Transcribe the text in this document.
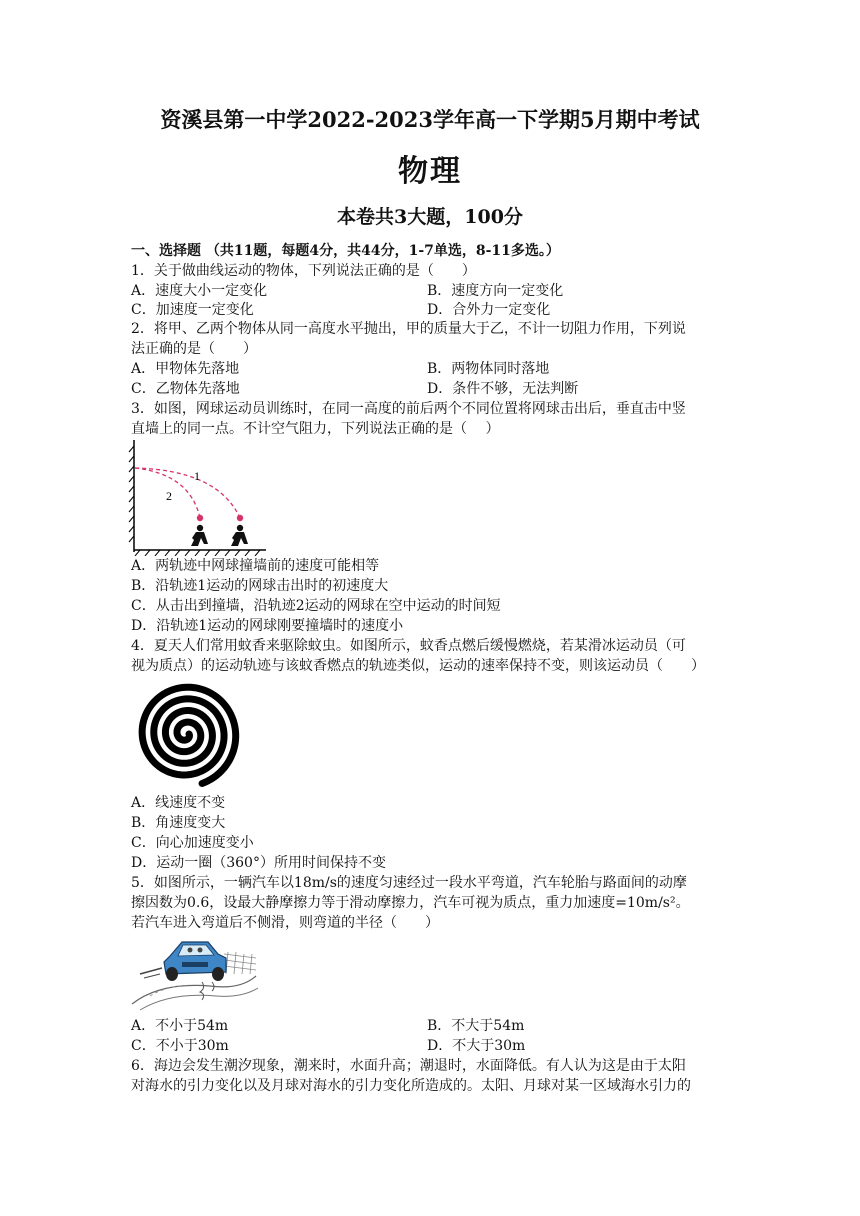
资溪县第一中学2022-2023学年高一下学期5月期中考试
物理
本卷共3大题，100分
一、选择题 （共11题，每题4分，共44分，1-7单选，8-11多选。）
1．关于做曲线运动的物体，下列说法正确的是（　　）
A．速度大小一定变化	B．速度方向一定变化
C．加速度一定变化	D．合外力一定变化
2．将甲、乙两个物体从同一高度水平抛出，甲的质量大于乙，不计一切阻力作用，下列说
法正确的是（　　）
A．甲物体先落地	B．两物体同时落地
C．乙物体先落地	D．条件不够，无法判断
3．如图，网球运动员训练时，在同一高度的前后两个不同位置将网球击出后，垂直击中竖
直墙上的同一点。不计空气阻力，下列说法正确的是（　 ）
1
2
A．两轨迹中网球撞墙前的速度可能相等
B．沿轨迹1运动的网球击出时的初速度大
C．从击出到撞墙，沿轨迹2运动的网球在空中运动的时间短
D．沿轨迹1运动的网球刚要撞墙时的速度小
4．夏天人们常用蚊香来驱除蚊虫。如图所示，蚊香点燃后缓慢燃烧，若某滑冰运动员（可
视为质点）的运动轨迹与该蚊香燃点的轨迹类似，运动的速率保持不变，则该运动员（　　）
A．线速度不变
B．角速度变大
C．向心加速度变小
D．运动一圈（360°）所用时间保持不变
5．如图所示，一辆汽车以18m/s的速度匀速经过一段水平弯道，汽车轮胎与路面间的动摩
擦因数为0.6，设最大静摩擦力等于滑动摩擦力，汽车可视为质点，重力加速度=10m/s²。
若汽车进入弯道后不侧滑，则弯道的半径（　　）
A．不小于54m	B．不大于54m
C．不小于30m	D．不大于30m
6．海边会发生潮汐现象，潮来时，水面升高；潮退时，水面降低。有人认为这是由于太阳
对海水的引力变化以及月球对海水的引力变化所造成的。太阳、月球对某一区域海水引力的
